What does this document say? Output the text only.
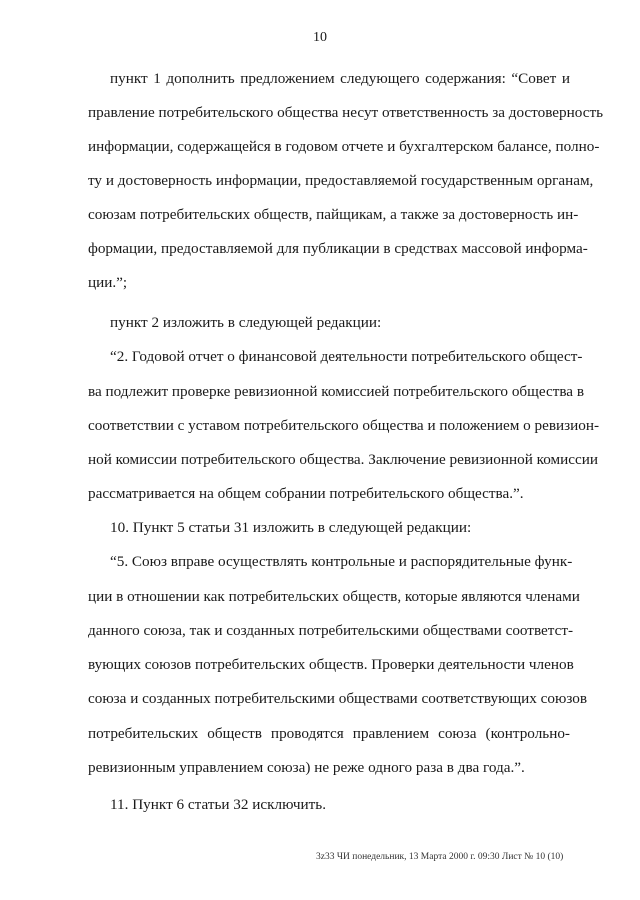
10
пункт 1 дополнить предложением следующего содержания: “Совет и
правление потребительского общества несут ответственность за достоверность
информации, содержащейся в годовом отчете и бухгалтерском балансе, полно-
ту и достоверность информации, предоставляемой государственным органам,
союзам потребительских обществ, пайщикам, а также за достоверность ин-
формации, предоставляемой для публикации в средствах массовой информа-
ции.”;
пункт 2 изложить в следующей редакции:
“2. Годовой отчет о финансовой деятельности потребительского общест-
ва подлежит проверке ревизионной комиссией потребительского общества в
соответствии с уставом потребительского общества и положением о ревизион-
ной комиссии потребительского общества. Заключение ревизионной комиссии
рассматривается на общем собрании потребительского общества.”.
10. Пункт 5 статьи 31 изложить в следующей редакции:
“5. Союз вправе осуществлять контрольные и распорядительные функ-
ции в отношении как потребительских обществ, которые являются членами
данного союза, так и созданных потребительскими обществами соответст-
вующих союзов потребительских обществ. Проверки деятельности членов
союза и созданных потребительскими обществами соответствующих союзов
потребительских обществ проводятся правлением союза (контрольно-
ревизионным управлением союза) не реже одного раза в два года.”.
11. Пункт 6 статьи 32 исключить.
3z33 ЧИ понедельник, 13 Марта 2000 г. 09:30 Лист № 10 (10)
